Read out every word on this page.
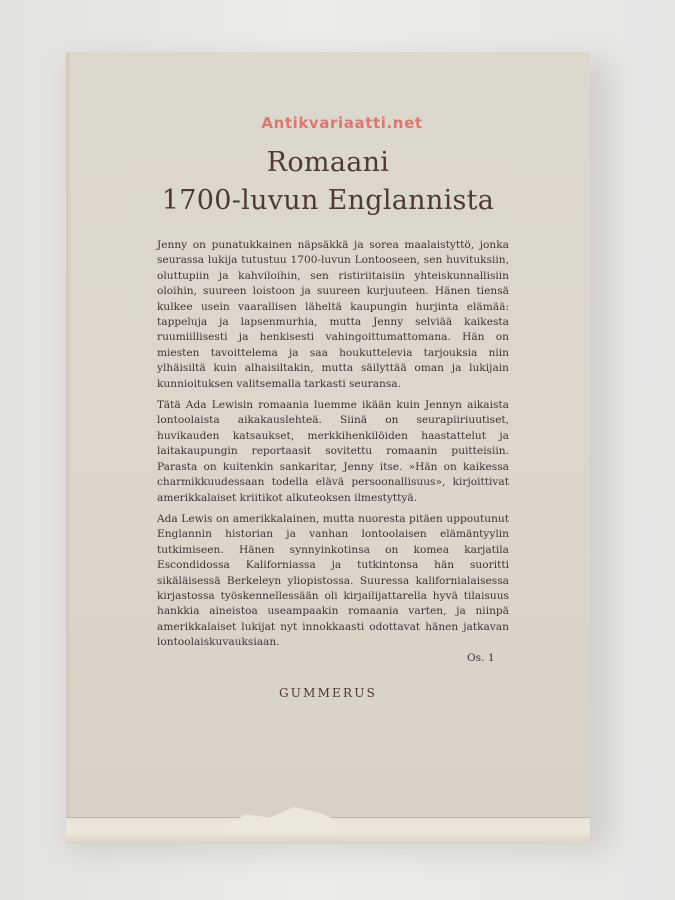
Antikvariaatti.net
Romaani
1700-luvun Englannista

Jenny on punatukkainen näpsäkkä ja sorea maalaistyttö, jonka seurassa lukija tutustuu 1700-luvun Lontooseen, sen huvituksiin, oluttupiin ja kahviloihin, sen ristiriitaisiin yhteiskunnallisiin oloihin, suureen loistoon ja suureen kurjuuteen. Hänen tiensä kulkee usein vaarallisen läheltä kaupungin hurjinta elämää: tappeluja ja lapsenmurhia, mutta Jenny selviää kaikesta ruumiillisesti ja henkisesti vahingoittumattomana. Hän on miesten tavoittelema ja saa houkuttelevia tarjouksia niin ylhäisiltä kuin alhaisiltakin, mutta säilyttää oman ja lukijain kunnioituksen valitsemalla tarkasti seuransa.

Tätä Ada Lewisin romaania luemme ikään kuin Jennyn aikaista lontoolaista aikakauslehteä. Siinä on seurapiiriuutiset, huvikauden katsaukset, merkkihenkilöiden haastattelut ja laitakaupungin reportaasit sovitettu romaanin puitteisiin. Parasta on kuitenkin sankaritar, Jenny itse. »Hän on kaikessa charmikkuudessaan todella elävä persoonallisuus», kirjoittivat amerikkalaiset kriitikot alkuteoksen ilmestyttyä.

Ada Lewis on amerikkalainen, mutta nuoresta pitäen uppoutunut Englannin historian ja vanhan lontoolaisen elämäntyylin tutkimiseen. Hänen synnyinkotinsa on komea karjatila Escondidossa Kaliforniassa ja tutkintonsa hän suoritti sikäläisessä Berkeleyn yliopistossa. Suuressa kalifornialaisessa kirjastossa työskennellessään oli kirjailijattarella hyvä tilaisuus hankkia aineistoa useampaakin romaania varten, ja niinpä amerikkalaiset lukijat nyt innokkaasti odottavat hänen jatkavan lontoolaiskuvauksiaan.

Os. 1
GUMMERUS
